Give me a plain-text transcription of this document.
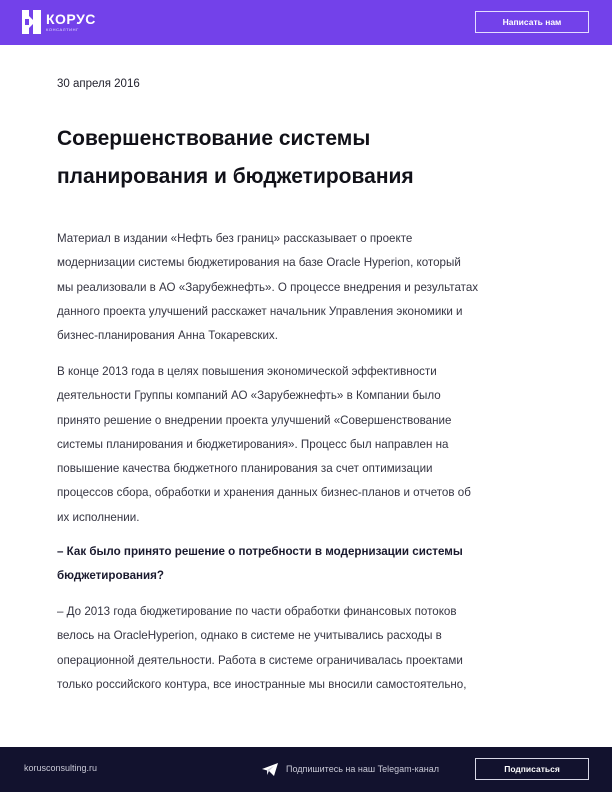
КОРУС
КОНСАЛТИНГ
Написать нам
30 апреля 2016
Совершенствование системы
планирования и бюджетирования
Материал в издании «Нефть без границ» рассказывает о проекте
модернизации системы бюджетирования на базе Oracle Hyperion, который
мы реализовали в АО «Зарубежнефть». О процессе внедрения и результатах
данного проекта улучшений расскажет начальник Управления экономики и
бизнес-планирования Анна Токаревских.
В конце 2013 года в целях повышения экономической эффективности
деятельности Группы компаний АО «Зарубежнефть» в Компании было
принято решение о внедрении проекта улучшений «Совершенствование
системы планирования и бюджетирования». Процесс был направлен на
повышение качества бюджетного планирования за счет оптимизации
процессов сбора, обработки и хранения данных бизнес-планов и отчетов об
их исполнении.
– Как было принято решение о потребности в модернизации системы
бюджетирования?
– До 2013 года бюджетирование по части обработки финансовых потоков
велось на OracleHyperion, однако в системе не учитывались расходы в
операционной деятельности. Работа в системе ограничивалась проектами
только российского контура, все иностранные мы вносили самостоятельно,
korusconsulting.ru	Подпишитесь на наш Telegam-канал	Подписаться
